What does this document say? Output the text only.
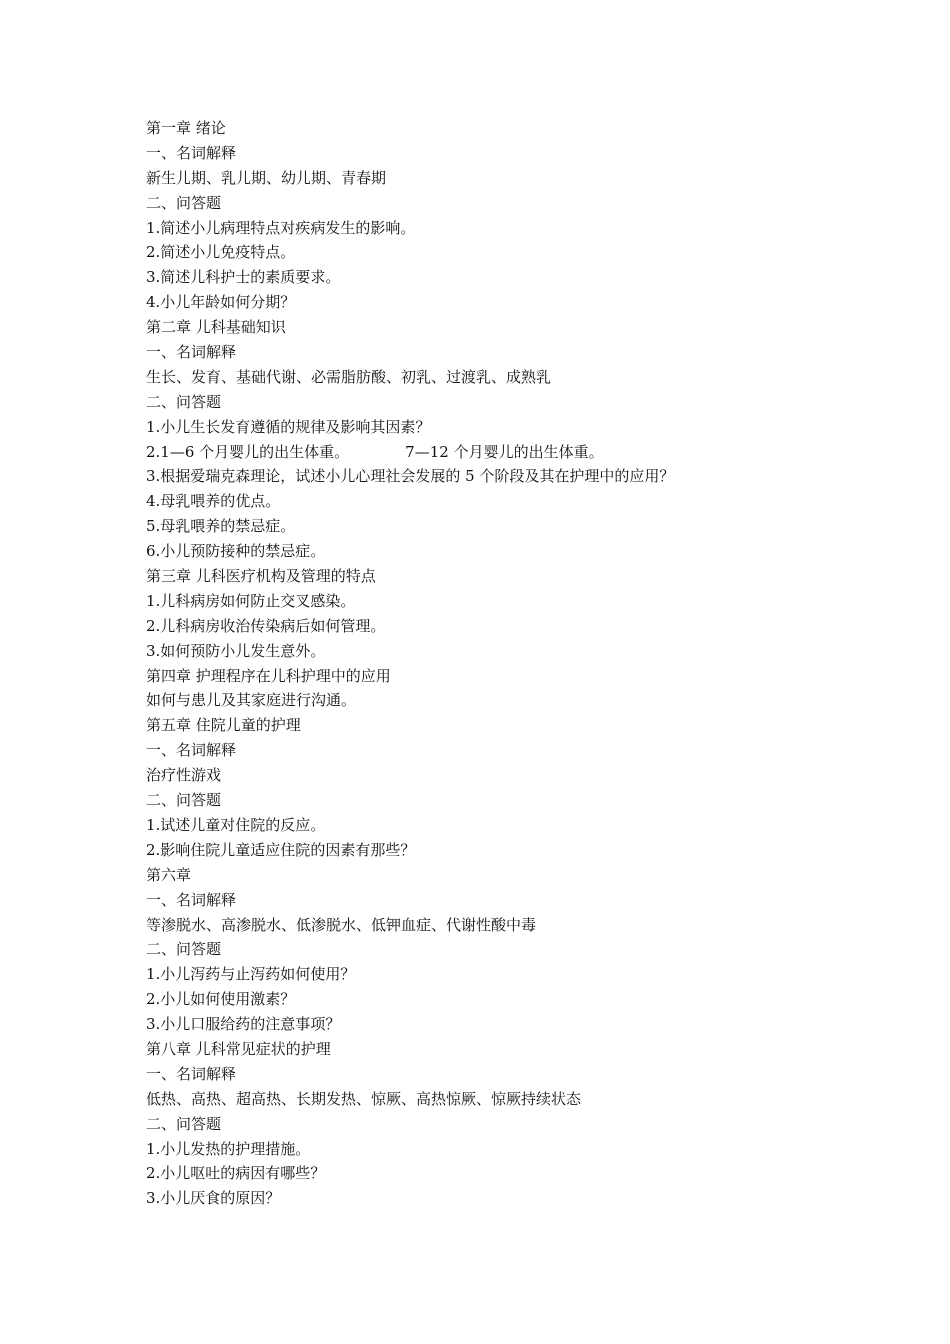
第一章 绪论
一、名词解释
新生儿期、乳儿期、幼儿期、青春期
二、问答题
1.简述小儿病理特点对疾病发生的影响。
2.简述小儿免疫特点。
3.简述儿科护士的素质要求。
4.小儿年龄如何分期？
第二章 儿科基础知识
一、名词解释
生长、发育、基础代谢、必需脂肪酸、初乳、过渡乳、成熟乳
二、问答题
1.小儿生长发育遵循的规律及影响其因素？
2.1—6 个月婴儿的出生体重。	7—12 个月婴儿的出生体重。
3.根据爱瑞克森理论，试述小儿心理社会发展的 5 个阶段及其在护理中的应用？
4.母乳喂养的优点。
5.母乳喂养的禁忌症。
6.小儿预防接种的禁忌症。
第三章 儿科医疗机构及管理的特点
1.儿科病房如何防止交叉感染。
2.儿科病房收治传染病后如何管理。
3.如何预防小儿发生意外。
第四章 护理程序在儿科护理中的应用
如何与患儿及其家庭进行沟通。
第五章 住院儿童的护理
一、名词解释
治疗性游戏
二、问答题
1.试述儿童对住院的反应。
2.影响住院儿童适应住院的因素有那些？
第六章
一、名词解释
等渗脱水、高渗脱水、低渗脱水、低钾血症、代谢性酸中毒
二、问答题
1.小儿泻药与止泻药如何使用？
2.小儿如何使用激素？
3.小儿口服给药的注意事项？
第八章 儿科常见症状的护理
一、名词解释
低热、高热、超高热、长期发热、惊厥、高热惊厥、惊厥持续状态
二、问答题
1.小儿发热的护理措施。
2.小儿呕吐的病因有哪些？
3.小儿厌食的原因？
